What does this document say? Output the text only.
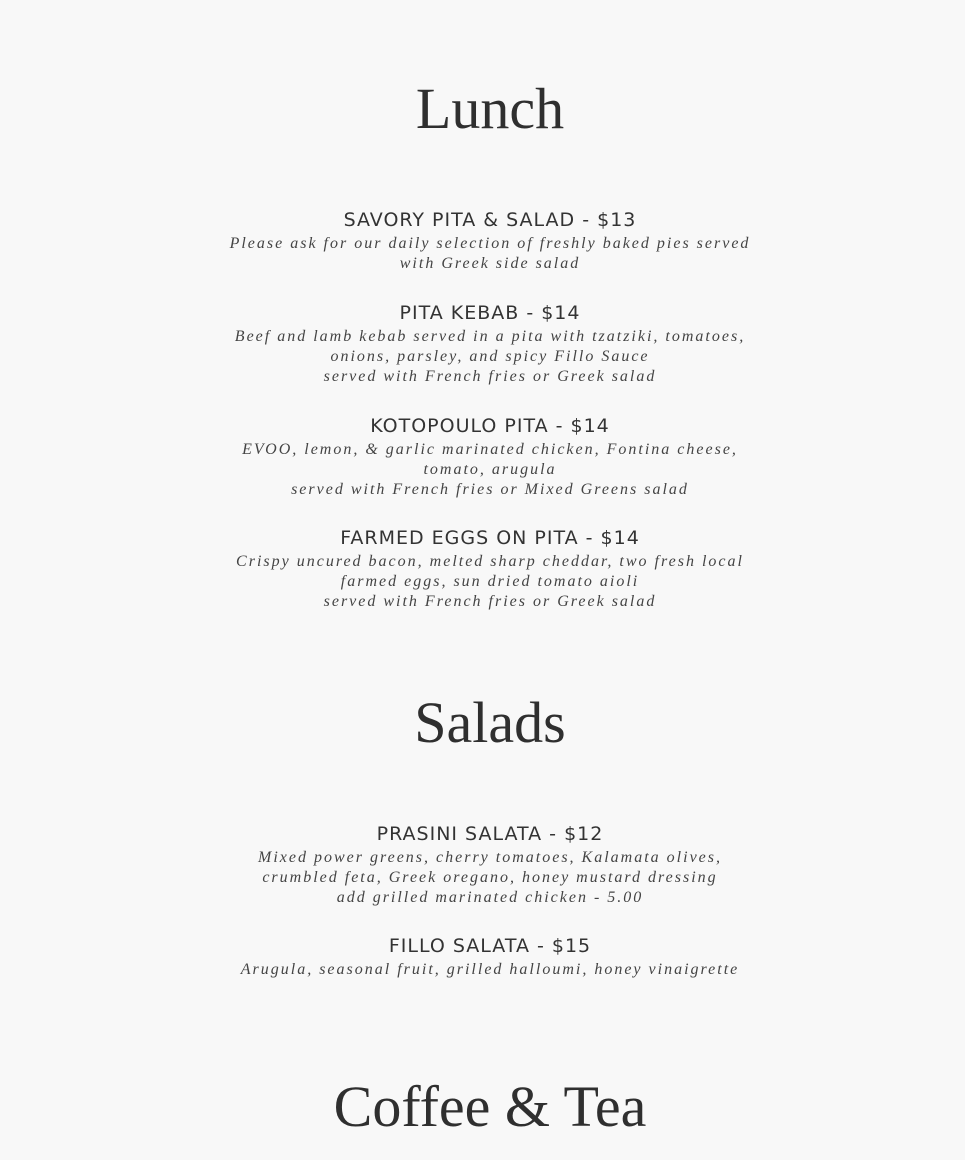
Lunch
SAVORY PITA & SALAD - $13
Please ask for our daily selection of freshly baked pies served
with Greek side salad
PITA KEBAB - $14
Beef and lamb kebab served in a pita with tzatziki, tomatoes,
onions, parsley, and spicy Fillo Sauce
served with French fries or Greek salad
KOTOPOULO PITA - $14
EVOO, lemon, & garlic marinated chicken, Fontina cheese,
tomato, arugula
served with French fries or Mixed Greens salad
FARMED EGGS ON PITA - $14
Crispy uncured bacon, melted sharp cheddar, two fresh local
farmed eggs, sun dried tomato aioli
served with French fries or Greek salad
Salads
PRASINI SALATA - $12
Mixed power greens, cherry tomatoes, Kalamata olives,
crumbled feta, Greek oregano, honey mustard dressing
add grilled marinated chicken - 5.00
FILLO SALATA - $15
Arugula, seasonal fruit, grilled halloumi, honey vinaigrette
Coffee & Tea
